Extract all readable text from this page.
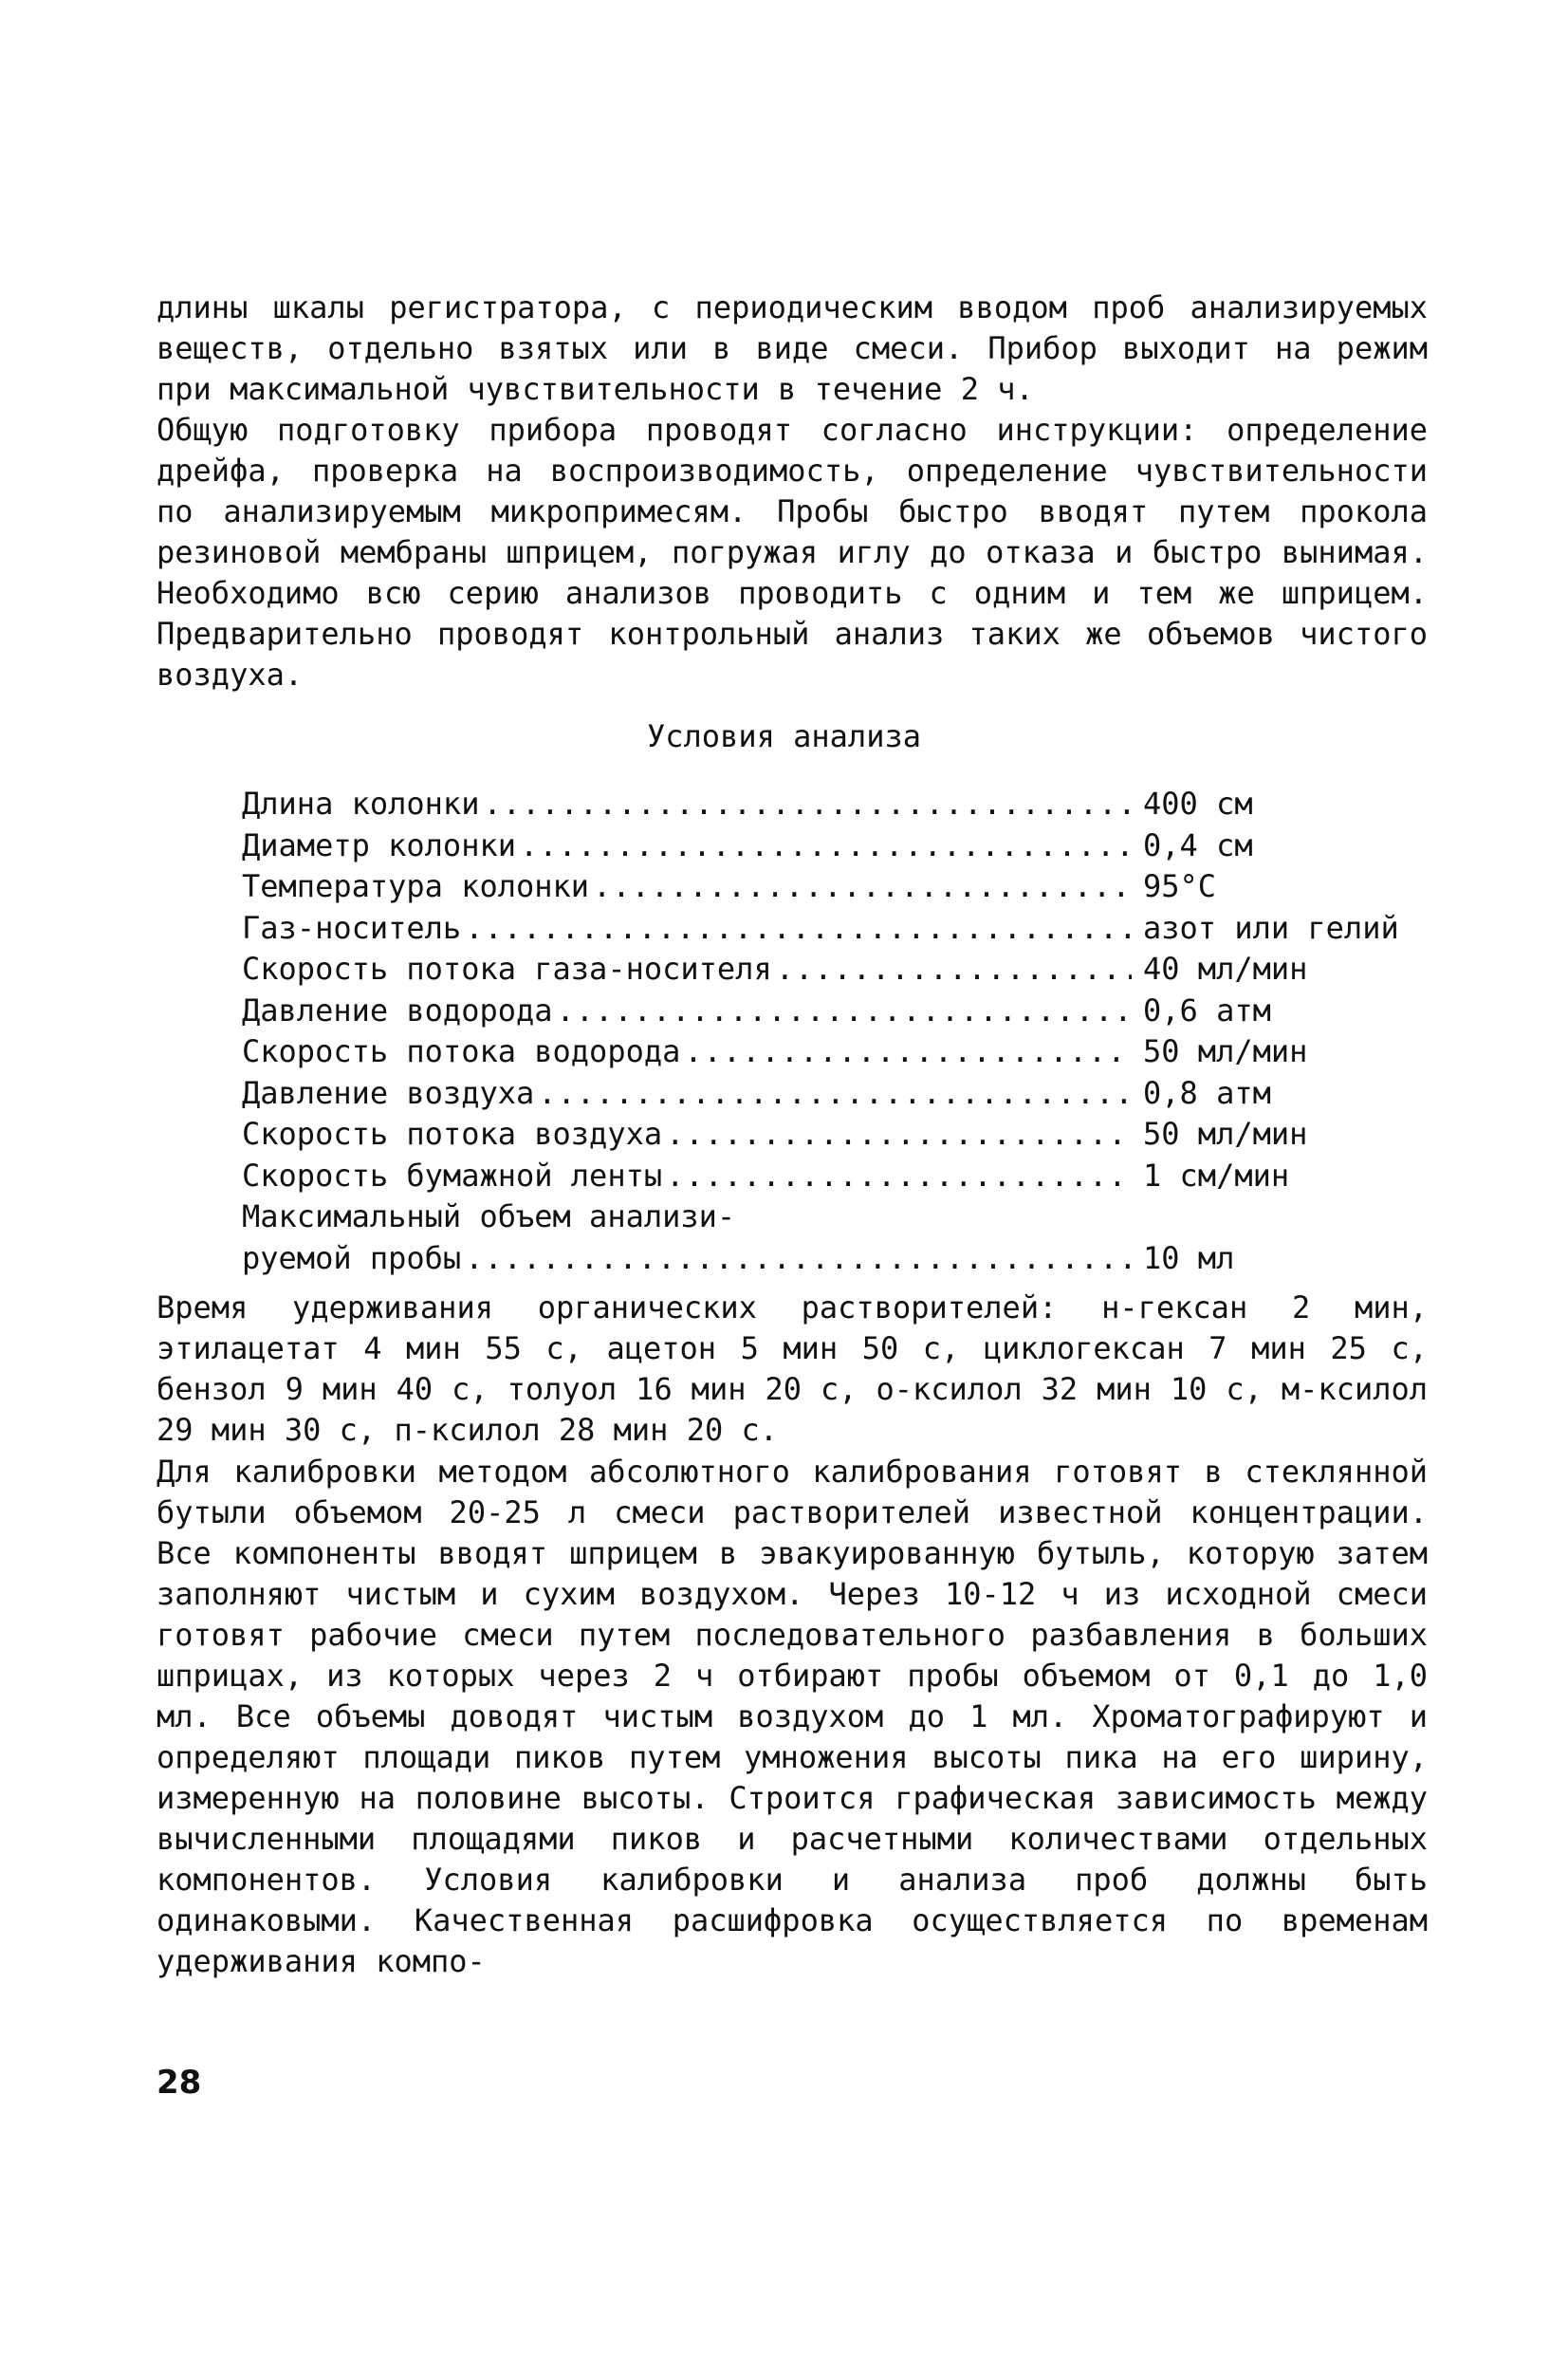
длины шкалы регистратора, с периодическим вводом проб анализируемых веществ, отдельно взятых или в виде смеси. Прибор выходит на режим при максимальной чувствительности в течение 2 ч.

Общую подготовку прибора проводят согласно инструкции: определение дрейфа, проверка на воспроизводимость, определение чувствительности по анализируемым микропримесям. Пробы быстро вводят путем прокола резиновой мембраны шприцем, погружая иглу до отказа и быстро вынимая. Необходимо всю серию анализов проводить с одним и тем же шприцем. Предварительно проводят контрольный анализ таких же объемов чистого воздуха.

Условия анализа

Длина колонки .....	400 см
Диаметр колонки .....	0,4 см
Температура колонки .....	95°С
Газ-носитель .....	азот или гелий
Скорость потока газа-носителя .....	40 мл/мин
Давление водорода .....	0,6 атм
Скорость потока водорода .....	50 мл/мин
Давление воздуха .....	0,8 атм
Скорость потока воздуха .....	50 мл/мин
Скорость бумажной ленты .....	1 см/мин
Максимальный объем анализи-
руемой пробы .....	10 мл

Время удерживания органических растворителей: н-гексан 2 мин, этилацетат 4 мин 55 с, ацетон 5 мин 50 с, циклогексан 7 мин 25 с, бензол 9 мин 40 с, толуол 16 мин 20 с, о-ксилол 32 мин 10 с, м-ксилол 29 мин 30 с, п-ксилол 28 мин 20 с.

Для калибровки методом абсолютного калибрования готовят в стеклянной бутыли объемом 20-25 л смеси растворителей известной концентрации. Все компоненты вводят шприцем в эвакуированную бутыль, которую затем заполняют чистым и сухим воздухом. Через 10-12 ч из исходной смеси готовят рабочие смеси путем последовательного разбавления в больших шприцах, из которых через 2 ч отбирают пробы объемом от 0,1 до 1,0 мл. Все объемы доводят чистым воздухом до 1 мл. Хроматографируют и определяют площади пиков путем умножения высоты пика на его ширину, измеренную на половине высоты. Строится графическая зависимость между вычисленными площадями пиков и расчетными количествами отдельных компонентов. Условия калибровки и анализа проб должны быть одинаковыми. Качественная расшифровка осуществляется по временам удерживания компо-

28
